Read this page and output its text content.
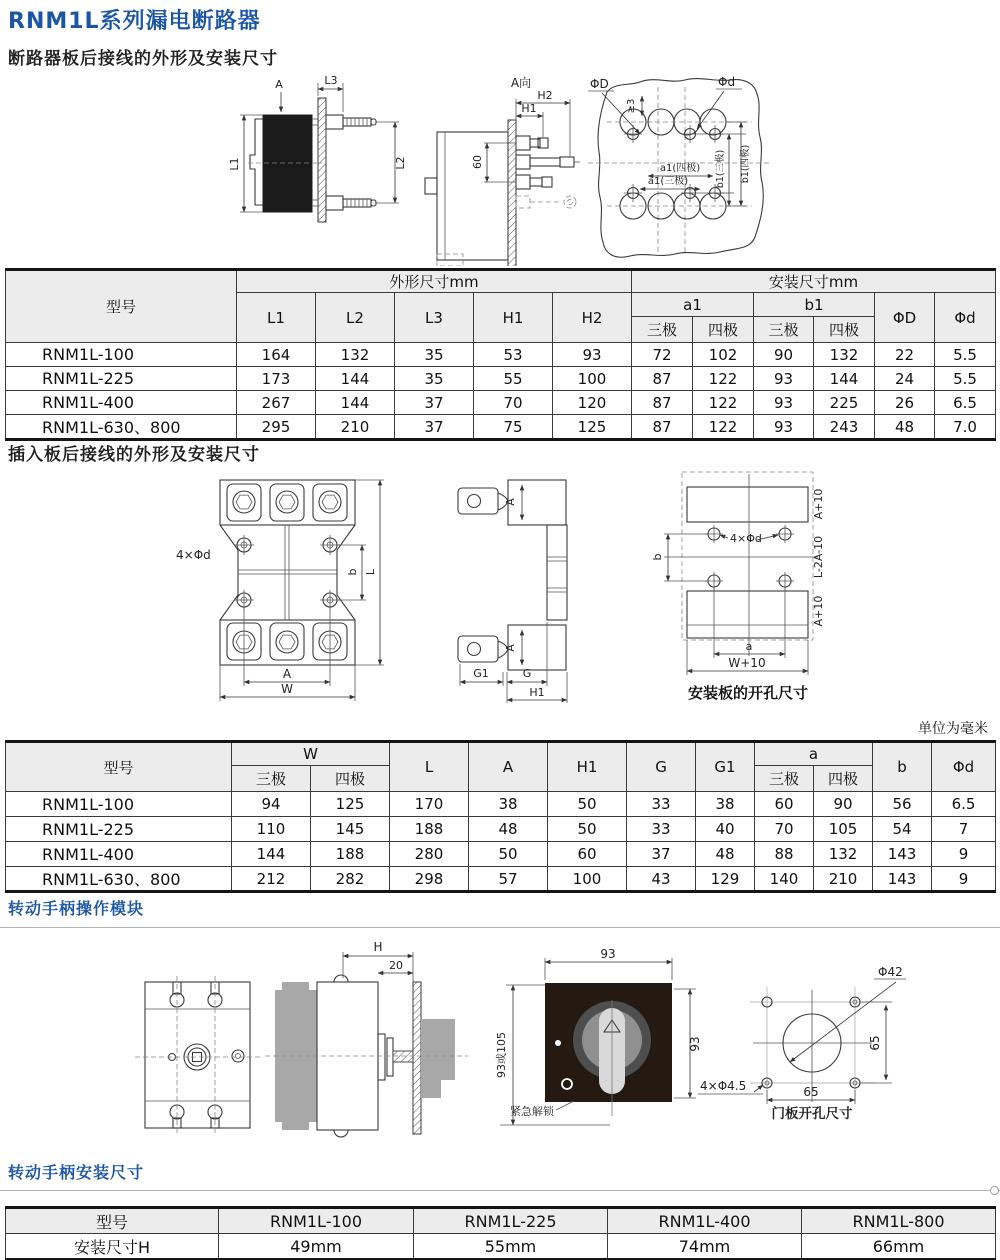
RNM1L系列漏电断路器
断路器板后接线的外形及安装尺寸
A	L3
L1	L2
A向
60
H1
H2
ΦD	Φd
≥3
a1(四极)
a1(三极)	b1(三极) b1(四极)
型号	外形尺寸mm					安装尺寸mm					
	L1	L2	L3	H1	H2	a1		b1		ΦD	Φd
						三极	四极	三极	四极		
RNM1L-100	164	132	35	53	93	72	102	90	132	22	5.5
RNM1L-225	173	144	35	55	100	87	122	93	144	24	5.5
RNM1L-400	267	144	37	70	120	87	122	93	225	26	6.5
RNM1L-630、800	295	210	37	75	125	87	122	93	243	48	7.0
插入板后接线的外形及安装尺寸
4×Φd
b L
A
W
A
A
G1	G
H1
b
4×Φd
A+10
L-2A-10
A+10
a
W+10
安装板的开孔尺寸
单位为毫米
型号	W		L	A	H1	G	G1	a		b	Φd
	三极	四极						三极	四极		
RNM1L-100	94	125	170	38	50	33	38	60	90	56	6.5
RNM1L-225	110	145	188	48	50	33	40	70	105	54	7
RNM1L-400	144	188	280	50	60	37	48	88	132	143	9
RNM1L-630、800	212	282	298	57	100	43	129	140	210	143	9
转动手柄操作模块
H
20
93
93
93或105
紧急解锁
Φ42
65
65
4×Φ4.5
门板开孔尺寸
转动手柄安装尺寸
型号	RNM1L-100	RNM1L-225	RNM1L-400	RNM1L-800
安装尺寸H	49mm	55mm	74mm	66mm
